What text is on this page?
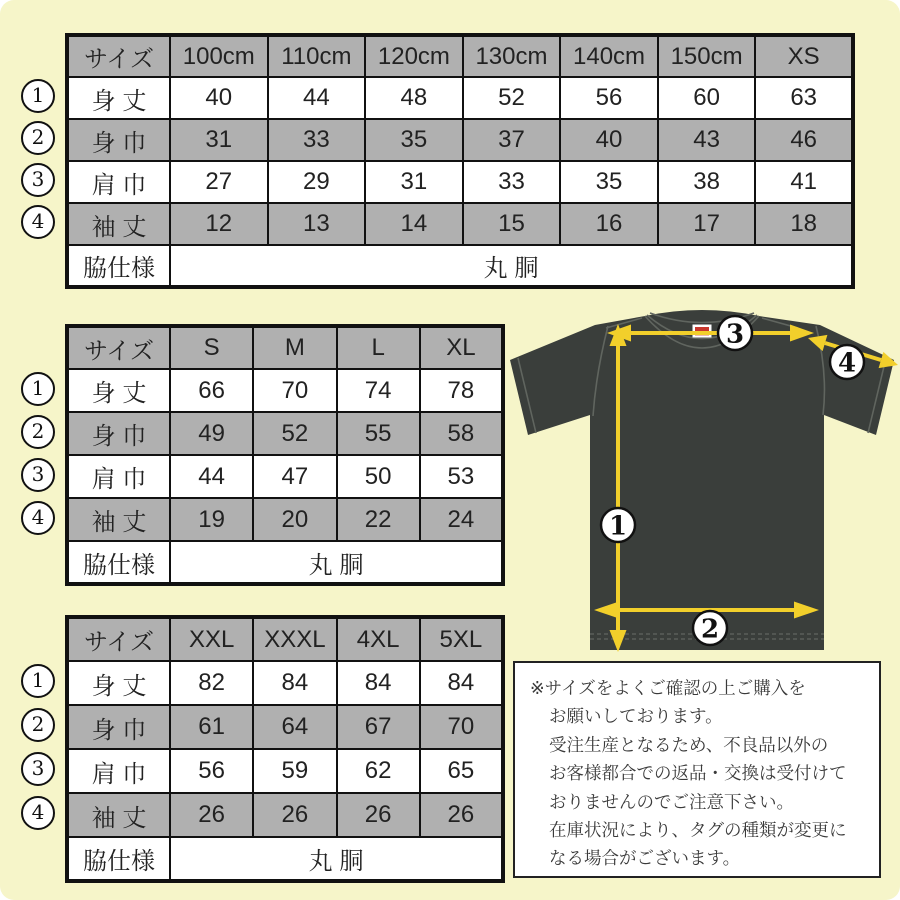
1
2
3
4
※サイズをよくご確認の上ご購入を
お願いしております。
受注生産となるため、不良品以外の
お客様都合での返品・交換は受付けて
おりませんのでご注意下さい。
在庫状況により、タグの種類が変更に
なる場合がございます。
サイズ	100cm	110cm	120cm	130cm	140cm	150cm	XS
身 丈	40	44	48	52	56	60	63
身 巾	31	33	35	37	40	43	46
肩 巾	27	29	31	33	35	38	41
袖 丈	12	13	14	15	16	17	18
脇仕様	丸 胴						
1
2
3
4
サイズ	S	M	L	XL
身 丈	66	70	74	78
身 巾	49	52	55	58
肩 巾	44	47	50	53
袖 丈	19	20	22	24
脇仕様	丸 胴			
1
2
3
4
サイズ	XXL	XXXL	4XL	5XL
身 丈	82	84	84	84
身 巾	61	64	67	70
肩 巾	56	59	62	65
袖 丈	26	26	26	26
脇仕様	丸 胴			
1
2
3
4
